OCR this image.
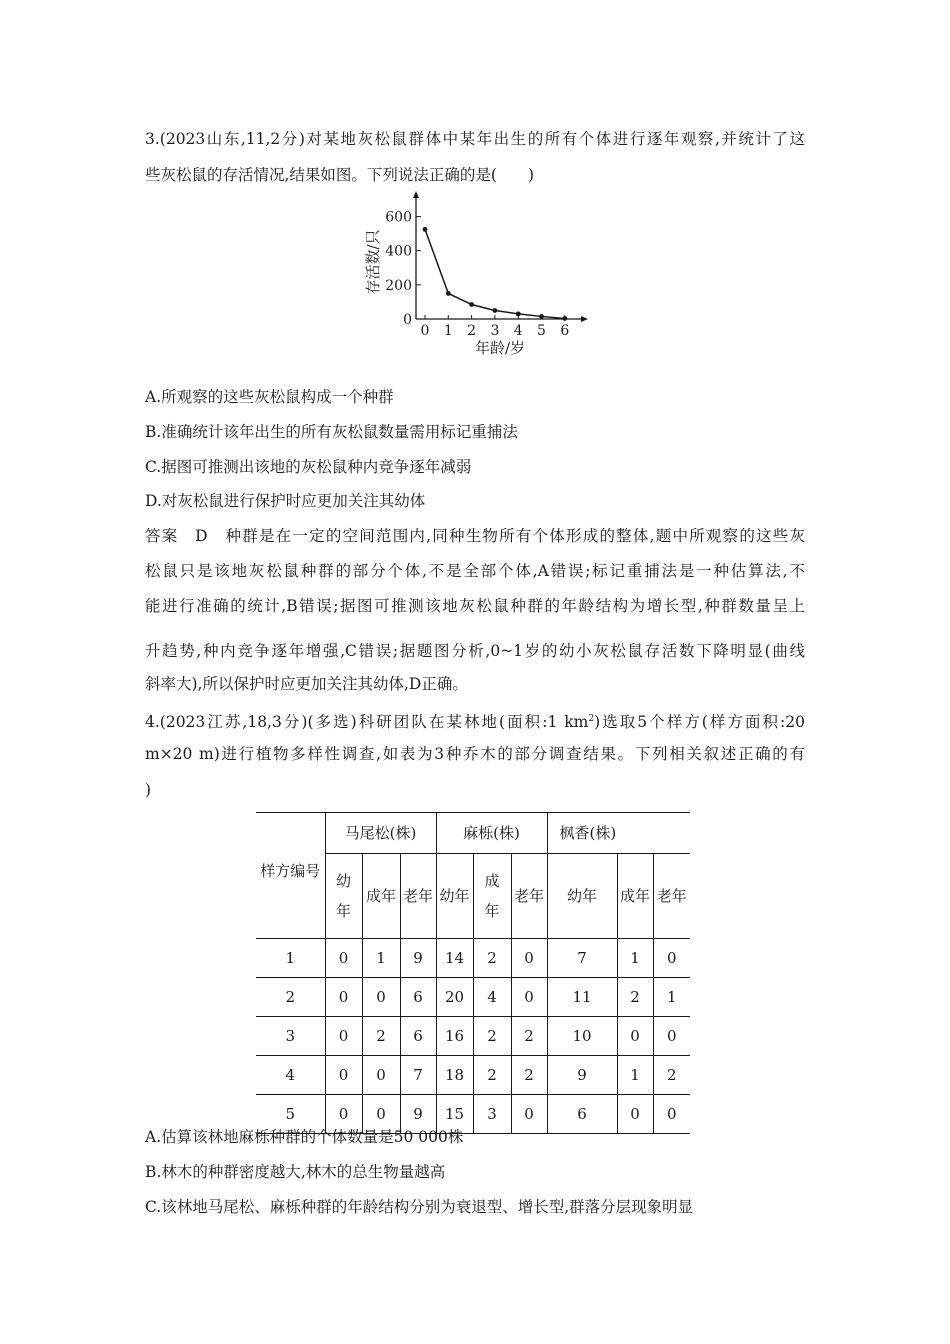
3.(2023山东,11,2分)对某地灰松鼠群体中某年出生的所有个体进行逐年观察,并统计了这
些灰松鼠的存活情况,结果如图。下列说法正确的是(　　)
0
200
400
600
0 1 2 3 4 5 6
年龄/岁
存活数/只
A.所观察的这些灰松鼠构成一个种群
B.准确统计该年出生的所有灰松鼠数量需用标记重捕法
C.据图可推测出该地的灰松鼠种内竞争逐年减弱
D.对灰松鼠进行保护时应更加关注其幼体
答案　D　种群是在一定的空间范围内,同种生物所有个体形成的整体,题中所观察的这些灰
松鼠只是该地灰松鼠种群的部分个体,不是全部个体,A错误;标记重捕法是一种估算法,不
能进行准确的统计,B错误;据图可推测该地灰松鼠种群的年龄结构为增长型,种群数量呈上
升趋势,种内竞争逐年增强,C错误;据题图分析,0~1岁的幼小灰松鼠存活数下降明显(曲线
斜率大),所以保护时应更加关注其幼体,D正确。
4.(2023江苏,18,3分)(多选)科研团队在某林地(面积:1 $km^2$)选取5个样方(样方面积:20
m×20 m)进行植物多样性调查,如表为3种乔木的部分调查结果。下列相关叙述正确的有
)
样方编号	马尾松(株)			麻栎(株)			枫香(株)		

	幼
年	成年	老年	幼年	成
年	老年	幼年	成年	老年
1	0	1	9	14	2	0	7	1	0
2	0	0	6	20	4	0	11	2	1
3	0	2	6	16	2	2	10	0	0
4	0	0	7	18	2	2	9	1	2
5	0	0	9	15	3	0	6	0	0
A.估算该林地麻栎种群的个体数量是50 000株
B.林木的种群密度越大,林木的总生物量越高
C.该林地马尾松、麻栎种群的年龄结构分别为衰退型、增长型,群落分层现象明显
